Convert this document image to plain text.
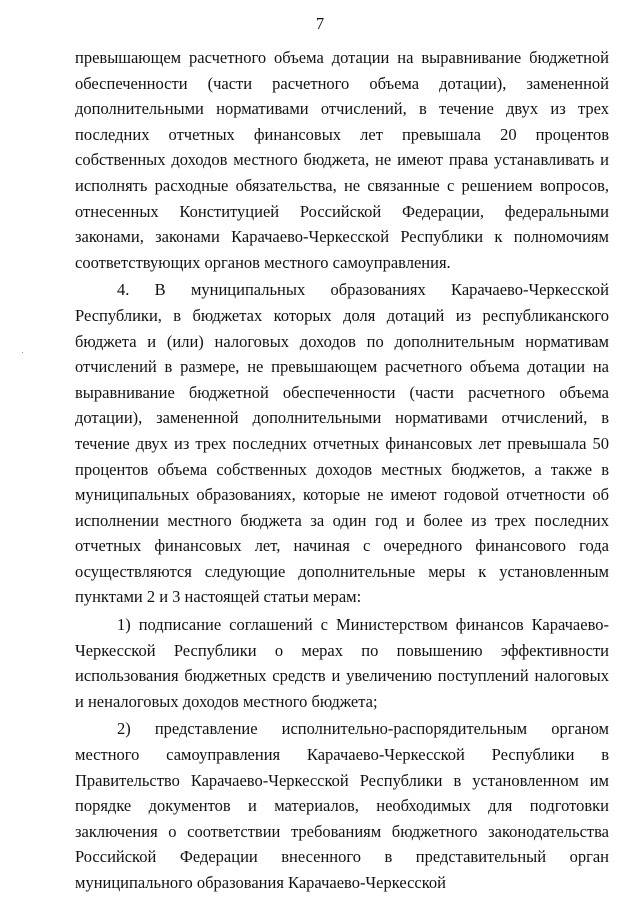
7

превышающем расчетного объема дотации на выравнивание бюджетной обеспеченности (части расчетного объема дотации), замененной дополнительными нормативами отчислений, в течение двух из трех последних отчетных финансовых лет превышала 20 процентов собственных доходов местного бюджета, не имеют права устанавливать и исполнять расходные обязательства, не связанные с решением вопросов, отнесенных Конституцией Российской Федерации, федеральными законами, законами Карачаево-Черкесской Республики к полномочиям соответствующих органов местного самоуправления.

4. В муниципальных образованиях Карачаево-Черкесской Республики, в бюджетах которых доля дотаций из республиканского бюджета и (или) налоговых доходов по дополнительным нормативам отчислений в размере, не превышающем расчетного объема дотации на выравнивание бюджетной обеспеченности (части расчетного объема дотации), замененной дополнительными нормативами отчислений, в течение двух из трех последних отчетных финансовых лет превышала 50 процентов объема собственных доходов местных бюджетов, а также в муниципальных образованиях, которые не имеют годовой отчетности об исполнении местного бюджета за один год и более из трех последних отчетных финансовых лет, начиная с очередного финансового года осуществляются следующие дополнительные меры к установленным пунктами 2 и 3 настоящей статьи мерам:

1) подписание соглашений с Министерством финансов Карачаево-Черкесской Республики о мерах по повышению эффективности использования бюджетных средств и увеличению поступлений налоговых и неналоговых доходов местного бюджета;

2) представление исполнительно-распорядительным органом местного самоуправления Карачаево-Черкесской Республики в Правительство Карачаево-Черкесской Республики в установленном им порядке документов и материалов, необходимых для подготовки заключения о соответствии требованиям бюджетного законодательства Российской Федерации внесенного в представительный орган муниципального образования Карачаево-Черкесской
